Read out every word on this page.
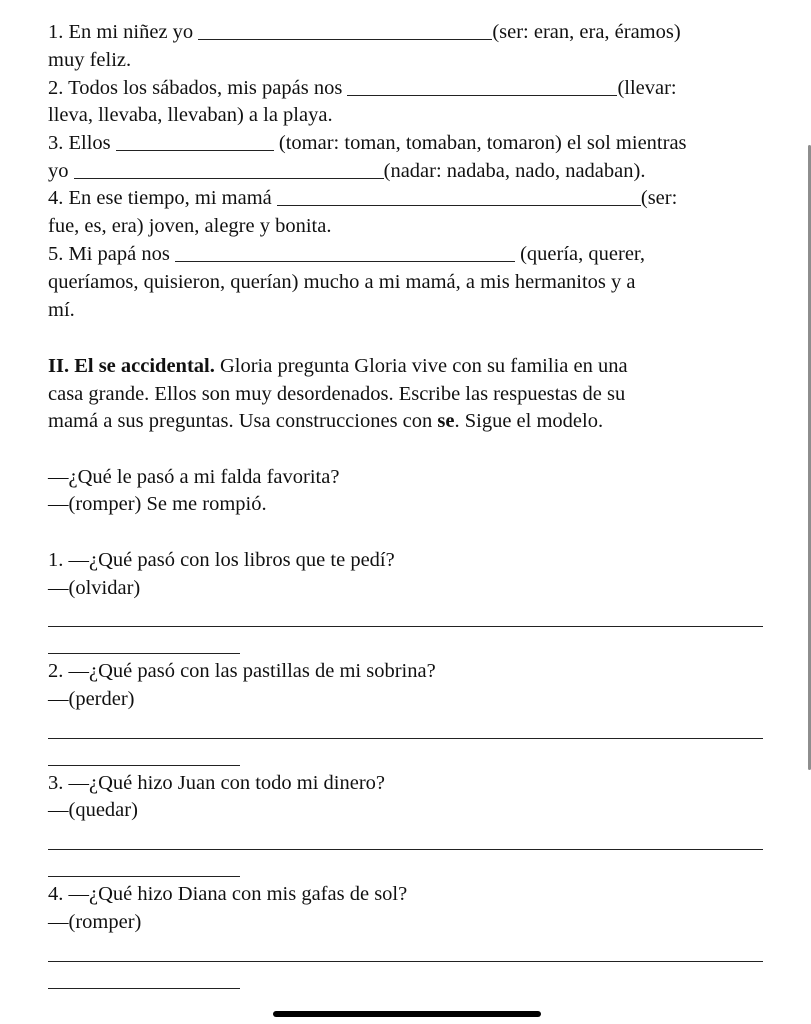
1. En mi niñez yo	(ser: eran, era, éramos)
muy feliz.
2. Todos los sábados, mis papás nos	(llevar:
lleva, llevaba, llevaban) a la playa.
3. Ellos	(tomar: toman, tomaban, tomaron) el sol mientras
yo	(nadar: nadaba, nado, nadaban).
4. En ese tiempo, mi mamá	(ser:
fue, es, era) joven, alegre y bonita.
5. Mi papá nos	(quería, querer,
queríamos, quisieron, querían) mucho a mi mamá, a mis hermanitos y a
mí.
II. El se accidental. Gloria pregunta Gloria vive con su familia en una
casa grande. Ellos son muy desordenados. Escribe las respuestas de su
mamá a sus preguntas. Usa construcciones con se. Sigue el modelo.
—¿Qué le pasó a mi falda favorita?
—(romper) Se me rompió.
1. —¿Qué pasó con los libros que te pedí?
—(olvidar)
2. —¿Qué pasó con las pastillas de mi sobrina?
—(perder)
3. —¿Qué hizo Juan con todo mi dinero?
—(quedar)
4. —¿Qué hizo Diana con mis gafas de sol?
—(romper)
